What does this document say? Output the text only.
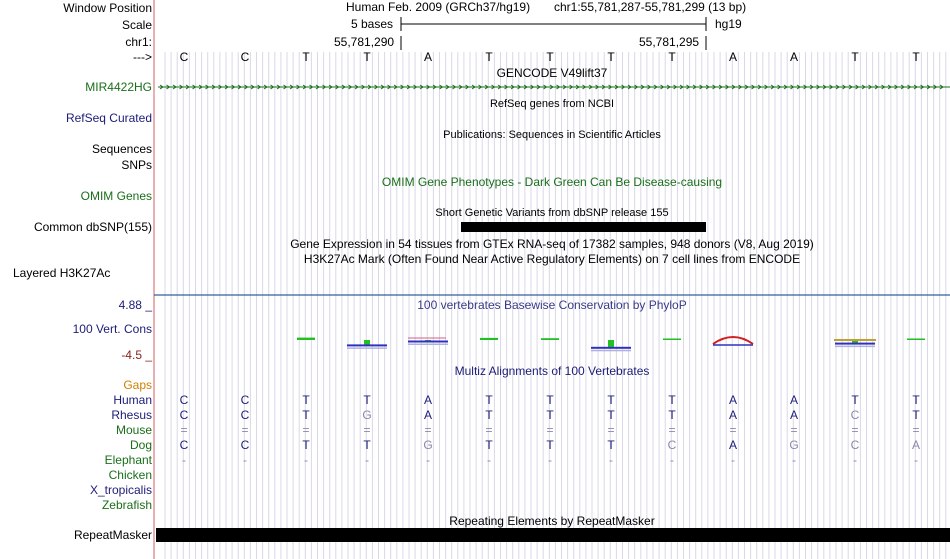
Window Position	Human Feb. 2009 (GRCh37/hg19) chr1:55,781,287-55,781,299 (13 bp)
Scale	5 bases	hg19
chr1:	55,781,290	55,781,295
---> C	C	T	T	A	T	T	T	T	A	A	T	T
GENCODE V49lift37
MIR4422HG
RefSeq genes from NCBI
RefSeq Curated
Publications: Sequences in Scientific Articles
Sequences
SNPs
OMIM Gene Phenotypes - Dark Green Can Be Disease-causing
OMIM Genes
Short Genetic Variants from dbSNP release 155
Common dbSNP(155)
Gene Expression in 54 tissues from GTEx RNA-seq of 17382 samples, 948 donors (V8, Aug 2019)
H3K27Ac Mark (Often Found Near Active Regulatory Elements) on 7 cell lines from ENCODE
Layered H3K27Ac
100 vertebrates Basewise Conservation by PhyloP
4.88 _
100 Vert. Cons
-4.5 _
Multiz Alignments of 100 Vertebrates
Gaps
Human C	C	T	T	A	T	T	T	T	A	A	T	T
Rhesus C	C	T	G	A	T	T	T	T	A	A	C	T
Mouse =	=	=	=	=	=	=	=	=	=	=	=	=
Dog C	C	T	T	G	T	T	T	C	A	G	C	A
Elephant	-	-	-	-	-	-	-	-	-	-	-	-	-
Chicken
X_tropicalis
Zebrafish
Repeating Elements by RepeatMasker
RepeatMasker
